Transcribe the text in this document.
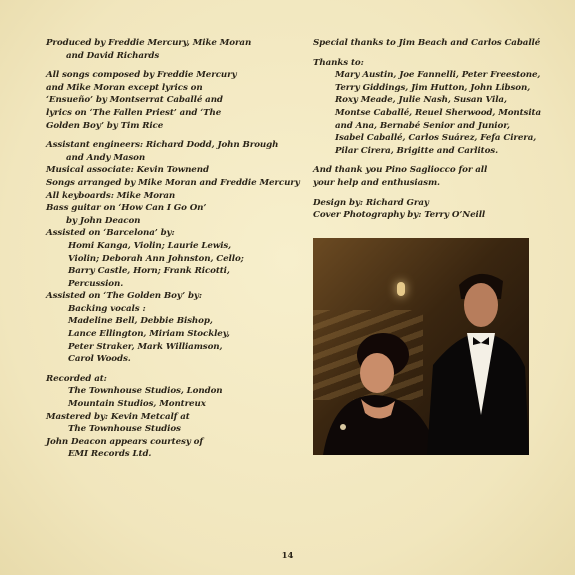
Produced by Freddie Mercury, Mike Moran
and David Richards
All songs composed by Freddie Mercury
and Mike Moran except lyrics on
‘Ensueño’ by Montserrat Caballé and
lyrics on ‘The Fallen Priest’ and ‘The
Golden Boy’ by Tim Rice
Assistant engineers: Richard Dodd, John Brough
and Andy Mason
Musical associate: Kevin Townend
Songs arranged by Mike Moran and Freddie Mercury
All keyboards: Mike Moran
Bass guitar on ‘How Can I Go On’
by John Deacon
Assisted on ‘Barcelona’ by:
Homi Kanga, Violin; Laurie Lewis,
Violin; Deborah Ann Johnston, Cello;
Barry Castle, Horn; Frank Ricotti,
Percussion.
Assisted on ‘The Golden Boy’ by:
Backing vocals :
Madeline Bell, Debbie Bishop,
Lance Ellington, Miriam Stockley,
Peter Straker, Mark Williamson,
Carol Woods.
Recorded at:
The Townhouse Studios, London
Mountain Studios, Montreux
Mastered by: Kevin Metcalf at
The Townhouse Studios
John Deacon appears courtesy of
EMI Records Ltd.
Special thanks to Jim Beach and Carlos Caballé
Thanks to:
Mary Austin, Joe Fannelli, Peter Freestone,
Terry Giddings, Jim Hutton, John Libson,
Roxy Meade, Julie Nash, Susan Vila,
Montse Caballé, Reuel Sherwood, Montsita
and Ana, Bernabé Senior and Junior,
Isabel Caballé, Carlos Suárez, Fefa Cirera,
Pilar Cirera, Brigitte and Carlitos.
And thank you Pino Sagliocco for all
your help and enthusiasm.
Design by: Richard Gray
Cover Photography by: Terry O’Neill
14
